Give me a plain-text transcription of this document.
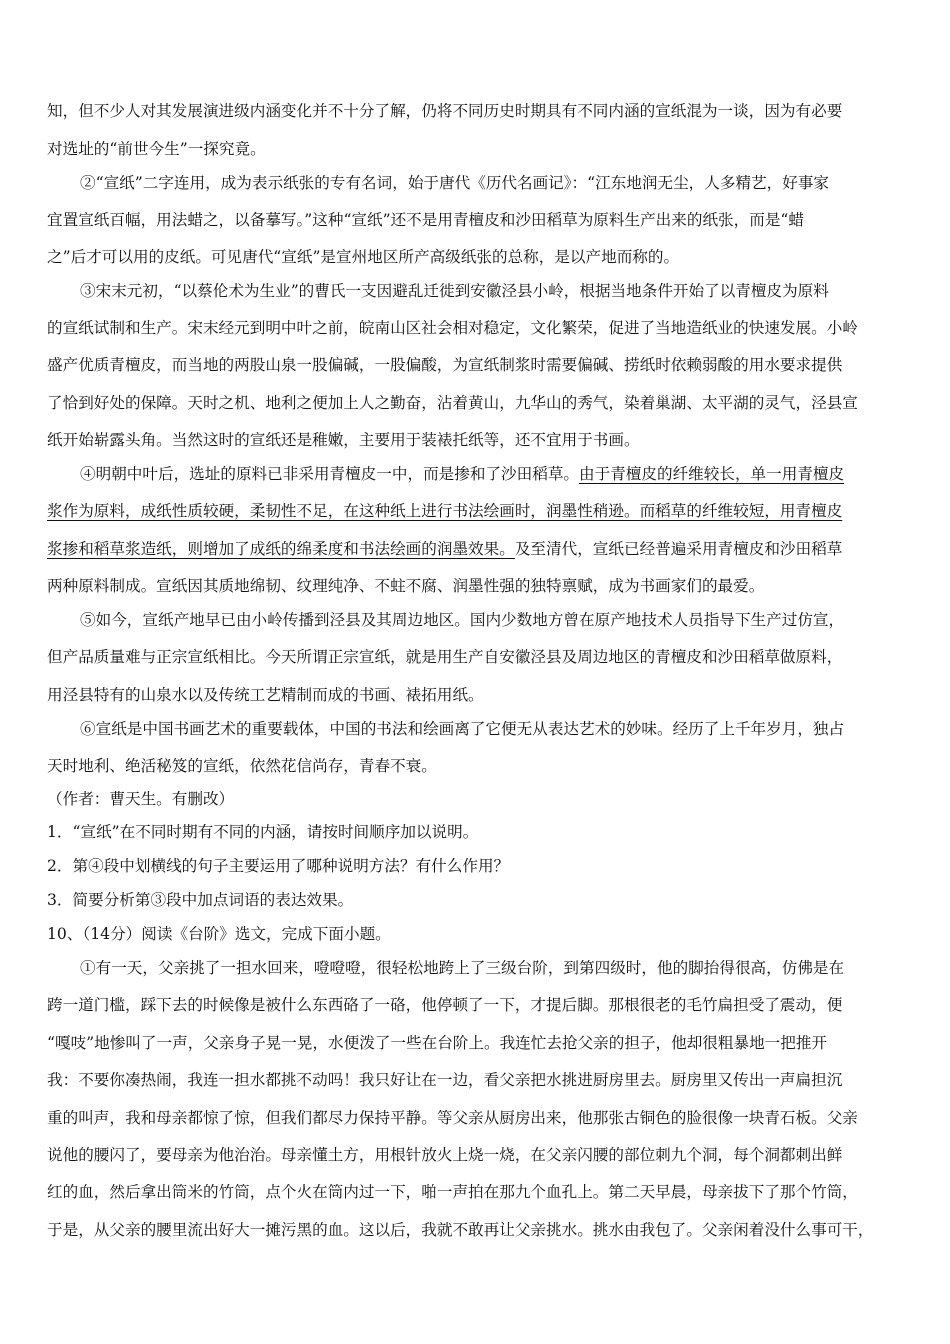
知，但不少人对其发展演进级内涵变化并不十分了解，仍将不同历史时期具有不同内涵的宣纸混为一谈，因为有必要
对选址的“前世今生”一探究竟。
②“宣纸”二字连用，成为表示纸张的专有名词，始于唐代《历代名画记》：“江东地润无尘，人多精艺，好事家
宜置宣纸百幅，用法蜡之，以备摹写。”这种“宣纸”还不是用青檀皮和沙田稻草为原料生产出来的纸张，而是“蜡
之”后才可以用的皮纸。可见唐代“宣纸”是宣州地区所产高级纸张的总称，是以产地而称的。
③宋末元初，“以蔡伦术为生业”的曹氏一支因避乱迁徙到安徽泾县小岭，根据当地条件开始了以青檀皮为原料
的宣纸试制和生产。宋末经元到明中叶之前，皖南山区社会相对稳定，文化繁荣，促进了当地造纸业的快速发展。小岭
盛产优质青檀皮，而当地的两股山泉一股偏碱，一股偏酸，为宣纸制浆时需要偏碱、捞纸时依赖弱酸的用水要求提供
了恰到好处的保障。天时之机、地利之便加上人之勤奋，沾着黄山，九华山的秀气，染着巢湖、太平湖的灵气，泾县宣
纸开始崭露头角。当然这时的宣纸还是稚嫩，主要用于装裱托纸等，还不宜用于书画。
④明朝中叶后，选址的原料已非采用青檀皮一中，而是掺和了沙田稻草。由于青檀皮的纤维较长，单一用青檀皮
浆作为原料，成纸性质较硬，柔韧性不足，在这种纸上进行书法绘画时，润墨性稍逊。而稻草的纤维较短，用青檀皮
浆掺和稻草浆造纸，则增加了成纸的绵柔度和书法绘画的润墨效果。及至清代，宣纸已经普遍采用青檀皮和沙田稻草
两种原料制成。宣纸因其质地绵韧、纹理纯净、不蛀不腐、润墨性强的独特禀赋，成为书画家们的最爱。
⑤如今，宣纸产地早已由小岭传播到泾县及其周边地区。国内少数地方曾在原产地技术人员指导下生产过仿宣，
但产品质量难与正宗宣纸相比。今天所谓正宗宣纸，就是用生产自安徽泾县及周边地区的青檀皮和沙田稻草做原料，
用泾县特有的山泉水以及传统工艺精制而成的书画、裱拓用纸。
⑥宣纸是中国书画艺术的重要载体，中国的书法和绘画离了它便无从表达艺术的妙味。经历了上千年岁月，独占
天时地利、绝活秘笈的宣纸，依然花信尚存，青春不衰。
（作者：曹天生。有删改）
1．“宣纸”在不同时期有不同的内涵，请按时间顺序加以说明。
2．第④段中划横线的句子主要运用了哪种说明方法？有什么作用？
3．简要分析第③段中加点词语的表达效果。
10、（14分）阅读《台阶》选文，完成下面小题。
①有一天，父亲挑了一担水回来，噔噔噔，很轻松地跨上了三级台阶，到第四级时，他的脚抬得很高，仿佛是在
跨一道门槛，踩下去的时候像是被什么东西硌了一硌，他停顿了一下，才提后脚。那根很老的毛竹扁担受了震动，便
“嘎吱”地惨叫了一声，父亲身子晃一晃，水便泼了一些在台阶上。我连忙去抢父亲的担子，他却很粗暴地一把推开
我：不要你凑热闹，我连一担水都挑不动吗！我只好让在一边，看父亲把水挑进厨房里去。厨房里又传出一声扁担沉
重的叫声，我和母亲都惊了惊，但我们都尽力保持平静。等父亲从厨房出来，他那张古铜色的脸很像一块青石板。父亲
说他的腰闪了，要母亲为他治治。母亲懂土方，用根针放火上烧一烧，在父亲闪腰的部位刺九个洞，每个洞都刺出鲜
红的血，然后拿出筒米的竹筒，点个火在筒内过一下，啪一声拍在那九个血孔上。第二天早晨，母亲拔下了那个竹筒，
于是，从父亲的腰里流出好大一摊污黑的血。这以后，我就不敢再让父亲挑水。挑水由我包了。父亲闲着没什么事可干，
